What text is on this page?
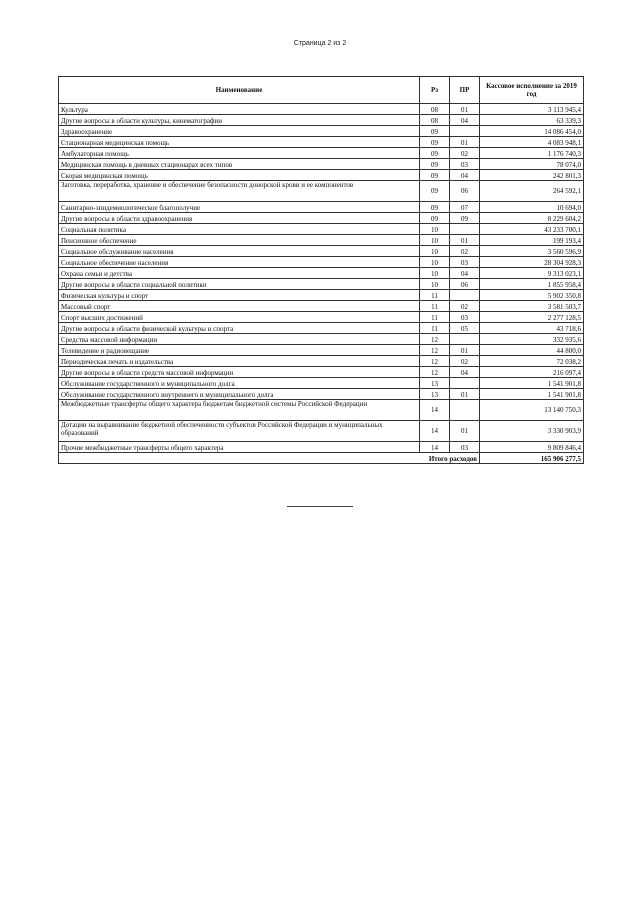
Страница 2 из 2
Наименование	Рз	ПР	Кассовое исполнение за 2019 год
Культура	08	01	3 113 945,4
Другие вопросы в области культуры, кинематографии	08	04	63 339,3
Здравоохранение	09		14 086 454,0
Стационарная медицинская помощь	09	01	4 083 948,1
Амбулаторная помощь	09	02	1 176 740,3
Медицинская помощь в дневных стационарах всех типов	09	03	78 074,0
Скорая медицинская помощь	09	04	242 801,3
Заготовка, переработка, хранение и обеспечение безопасности донорской крови и ее компонентов	09	06	264 592,1
Санитарно-эпидемиологическое благополучие	09	07	10 694,0
Другие вопросы в области здравоохранения	09	09	8 229 604,2
Социальная политика	10		43 233 700,1
Пенсионное обеспечение	10	01	199 193,4
Социальное обслуживание населения	10	02	3 560 596,9
Социальное обеспечение населения	10	03	28 304 928,3
Охрана семьи и детства	10	04	9 313 023,1
Другие вопросы в области социальной политики	10	06	1 855 958,4
Физическая культура и спорт	11		5 902 350,8
Массовый спорт	11	02	3 581 503,7
Спорт высших достижений	11	03	2 277 128,5
Другие вопросы в области физической культуры и спорта	11	05	43 718,6
Средства массовой информации	12		332 935,6
Телевидение и радиовещание	12	01	44 800,0
Периодическая печать и издательства	12	02	72 038,2
Другие вопросы в области средств массовой информации	12	04	216 097,4
Обслуживание государственного и муниципального долга	13		1 541 901,8
Обслуживание государственного внутреннего и муниципального долга	13	01	1 541 901,8
Межбюджетные трансферты общего характера бюджетам бюджетной системы Российской Федерации	14		13 140 750,3
Дотации на выравнивание бюджетной обеспеченности субъектов Российской Федерации и муниципальных образований	14	01	3 330 903,9
Прочие межбюджетные трансферты общего характера	14	03	9 809 846,4
Итого расходов			165 906 277,5
